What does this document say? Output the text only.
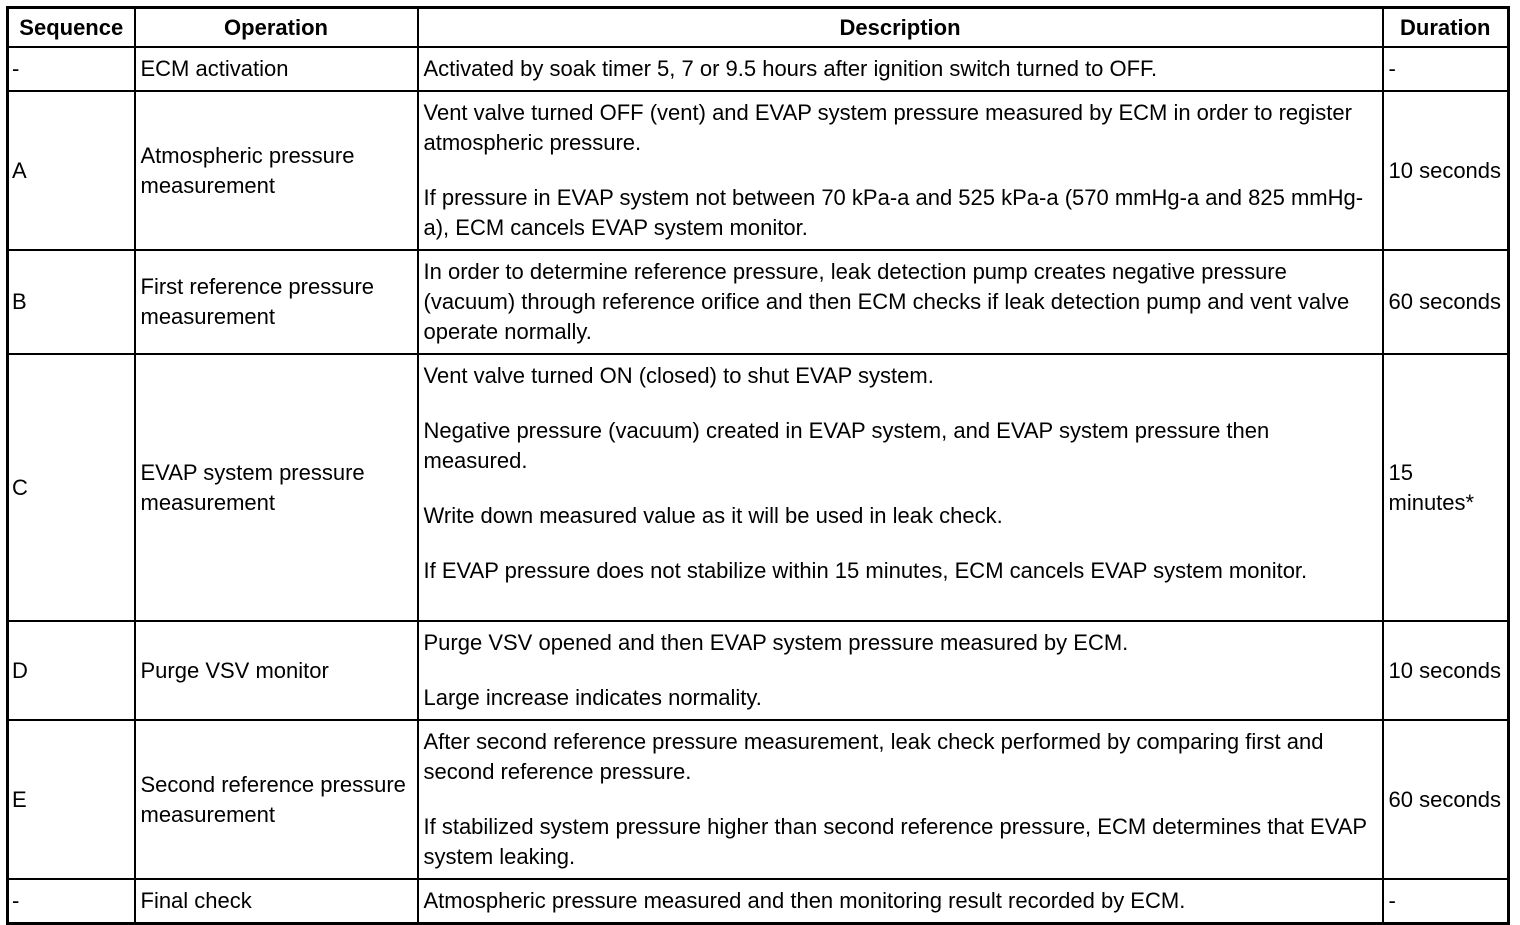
Sequence	Operation	Description	Duration
-	ECM activation	Activated by soak timer 5, 7 or 9.5 hours after ignition switch turned to OFF.	-
A	Atmospheric pressure measurement	Vent valve turned OFF (vent) and EVAP system pressure measured by ECM in order to register atmospheric pressure.

If pressure in EVAP system not between 70 kPa-a and 525 kPa-a (570 mmHg-a and 825 mmHg-a), ECM cancels EVAP system monitor.	10 seconds
B	First reference pressure measurement	In order to determine reference pressure, leak detection pump creates negative pressure (vacuum) through reference orifice and then ECM checks if leak detection pump and vent valve operate normally.	60 seconds
C	EVAP system pressure measurement	Vent valve turned ON (closed) to shut EVAP system.

Negative pressure (vacuum) created in EVAP system, and EVAP system pressure then measured.

Write down measured value as it will be used in leak check.

If EVAP pressure does not stabilize within 15 minutes, ECM cancels EVAP system monitor.	15 minutes*
D	Purge VSV monitor	Purge VSV opened and then EVAP system pressure measured by ECM.

Large increase indicates normality.	10 seconds
E	Second reference pressure measurement	After second reference pressure measurement, leak check performed by comparing first and second reference pressure.

If stabilized system pressure higher than second reference pressure, ECM determines that EVAP system leaking.	60 seconds
-	Final check	Atmospheric pressure measured and then monitoring result recorded by ECM.	-
